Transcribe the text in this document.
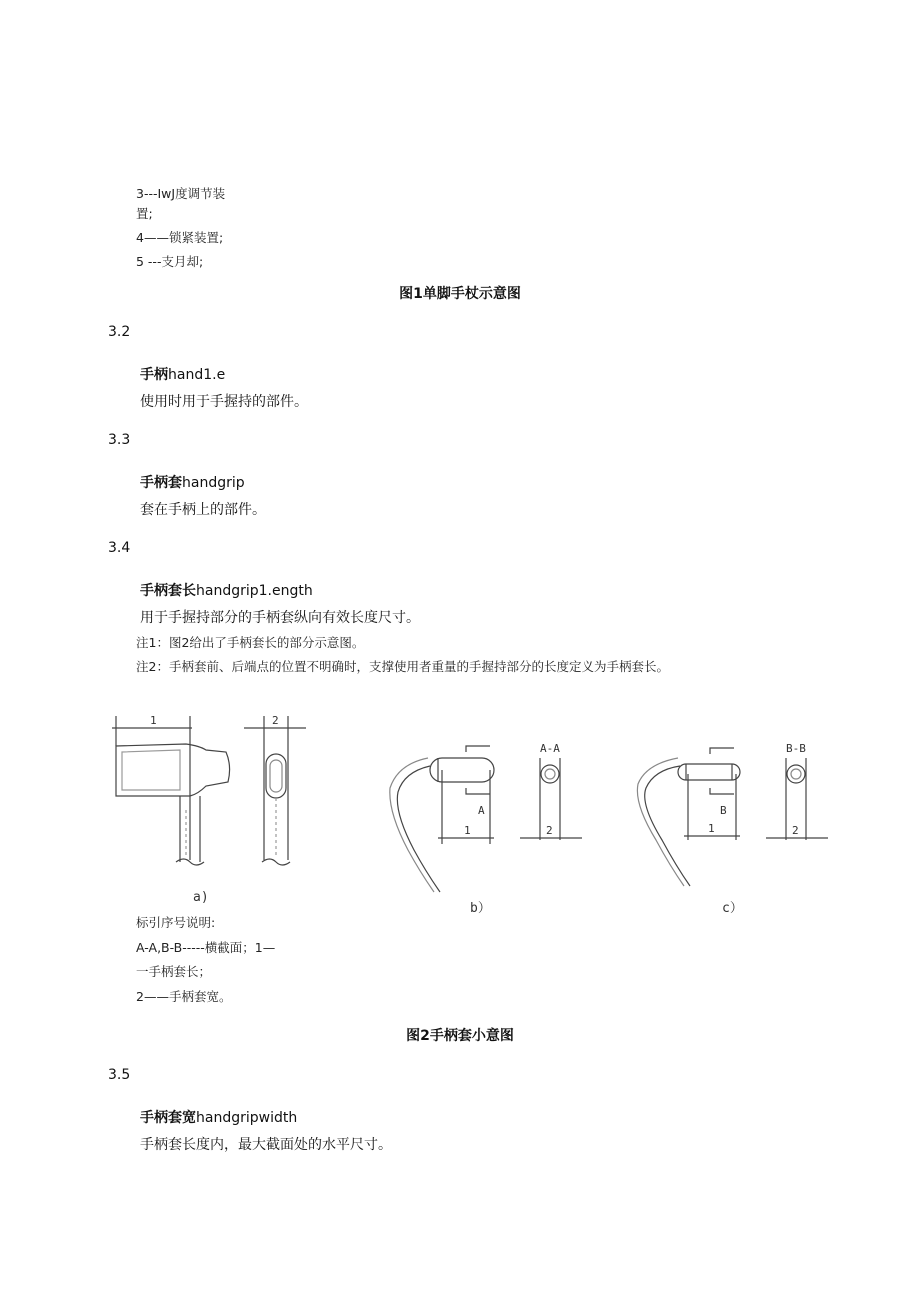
3---IwJ度调节装
置;
4——锁紧装置;
5 ---支月却;
图1单脚手杖示意图
3.2
手柄hand1.e
使用时用于手握持的部件。
3.3
手柄套handgrip
套在手柄上的部件。
3.4
手柄套长handgrip1.ength
用于手握持部分的手柄套纵向有效长度尺寸。
注1：图2给出了手柄套长的部分示意图。
注2：手柄套前、后端点的位置不明确时，支撑使用者重量的手握持部分的长度定义为手柄套长。
1	2
A
A-A
1	2
B
B-B
1	2
a)
b）	c）
标引序号说明:
A-A,B-B-----横截面；1—
一手柄套长；
2——手柄套宽。
图2手柄套小意图
3.5
手柄套宽handgripwidth
手柄套长度内，最大截面处的水平尺寸。
